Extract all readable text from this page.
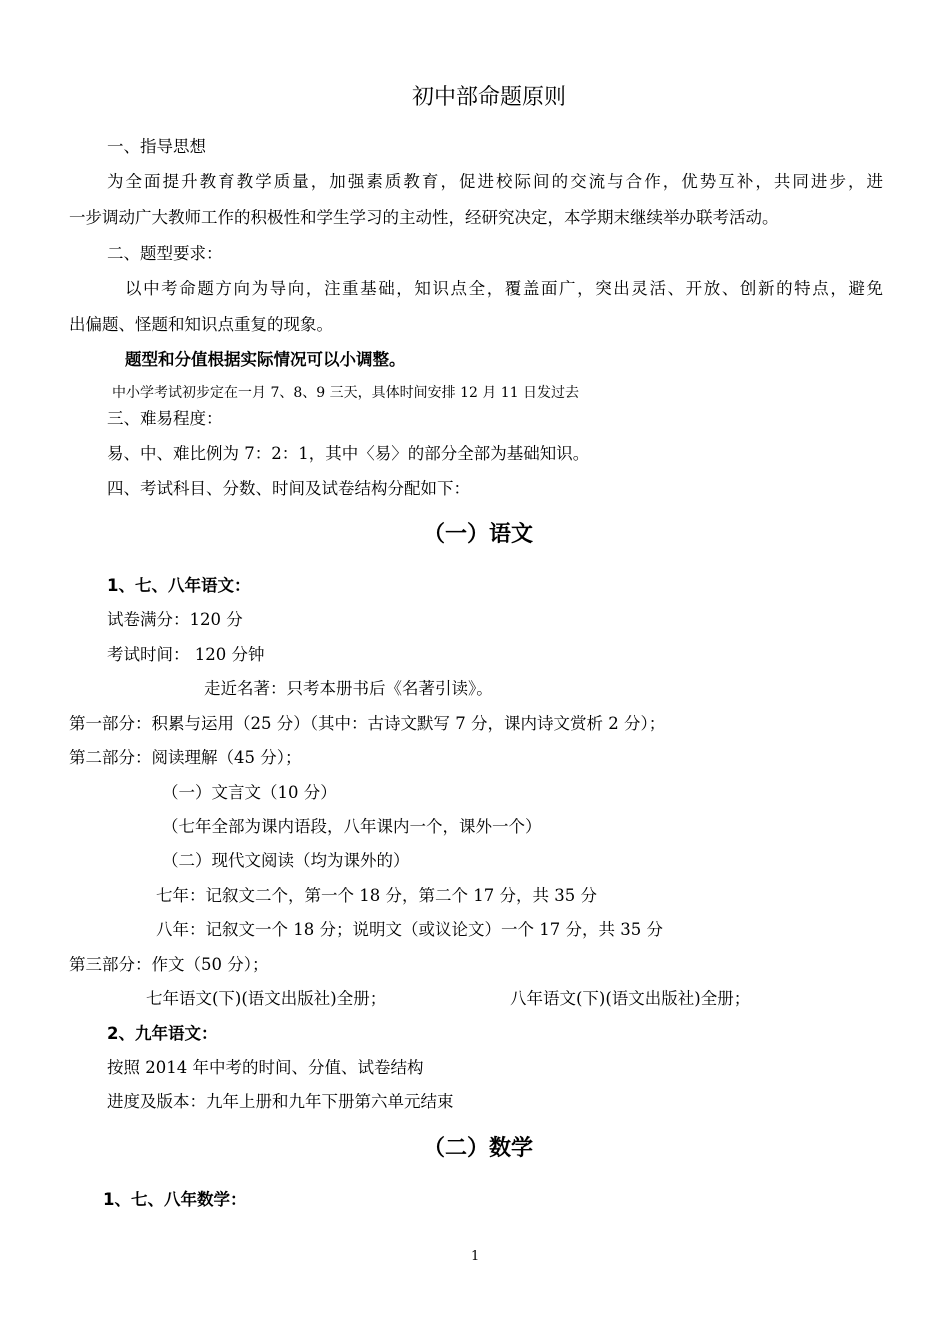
初中部命题原则
一、指导思想
为全面提升教育教学质量，加强素质教育，促进校际间的交流与合作，优势互补，共同进步，进
一步调动广大教师工作的积极性和学生学习的主动性，经研究决定，本学期末继续举办联考活动。
二、题型要求：
以中考命题方向为导向，注重基础，知识点全，覆盖面广，突出灵活、开放、创新的特点，避免
出偏题、怪题和知识点重复的现象。
题型和分值根据实际情况可以小调整。
中小学考试初步定在一月 7、8、9 三天，具体时间安排 12 月 11 日发过去
三、难易程度：
易、中、难比例为 7：2：1，其中〈易〉的部分全部为基础知识。
四、考试科目、分数、时间及试卷结构分配如下：
（一）语文
1、七、八年语文：
试卷满分：120 分
考试时间： 120 分钟
走近名著：只考本册书后《名著引读》。
第一部分：积累与运用（25 分）（其中：古诗文默写 7 分，课内诗文赏析 2 分）；
第二部分：阅读理解（45 分）；
（一）文言文（10 分）
（七年全部为课内语段，八年课内一个，课外一个）
（二）现代文阅读（均为课外的）
七年：记叙文二个，第一个 18 分，第二个 17 分，共 35 分
八年：记叙文一个 18 分；说明文（或议论文）一个 17 分，共 35 分
第三部分：作文（50 分）；
七年语文(下)(语文出版社)全册；	八年语文(下)(语文出版社)全册；
2、九年语文：
按照 2014 年中考的时间、分值、试卷结构
进度及版本：九年上册和九年下册第六单元结束
（二）数学
1、七、八年数学：
1
